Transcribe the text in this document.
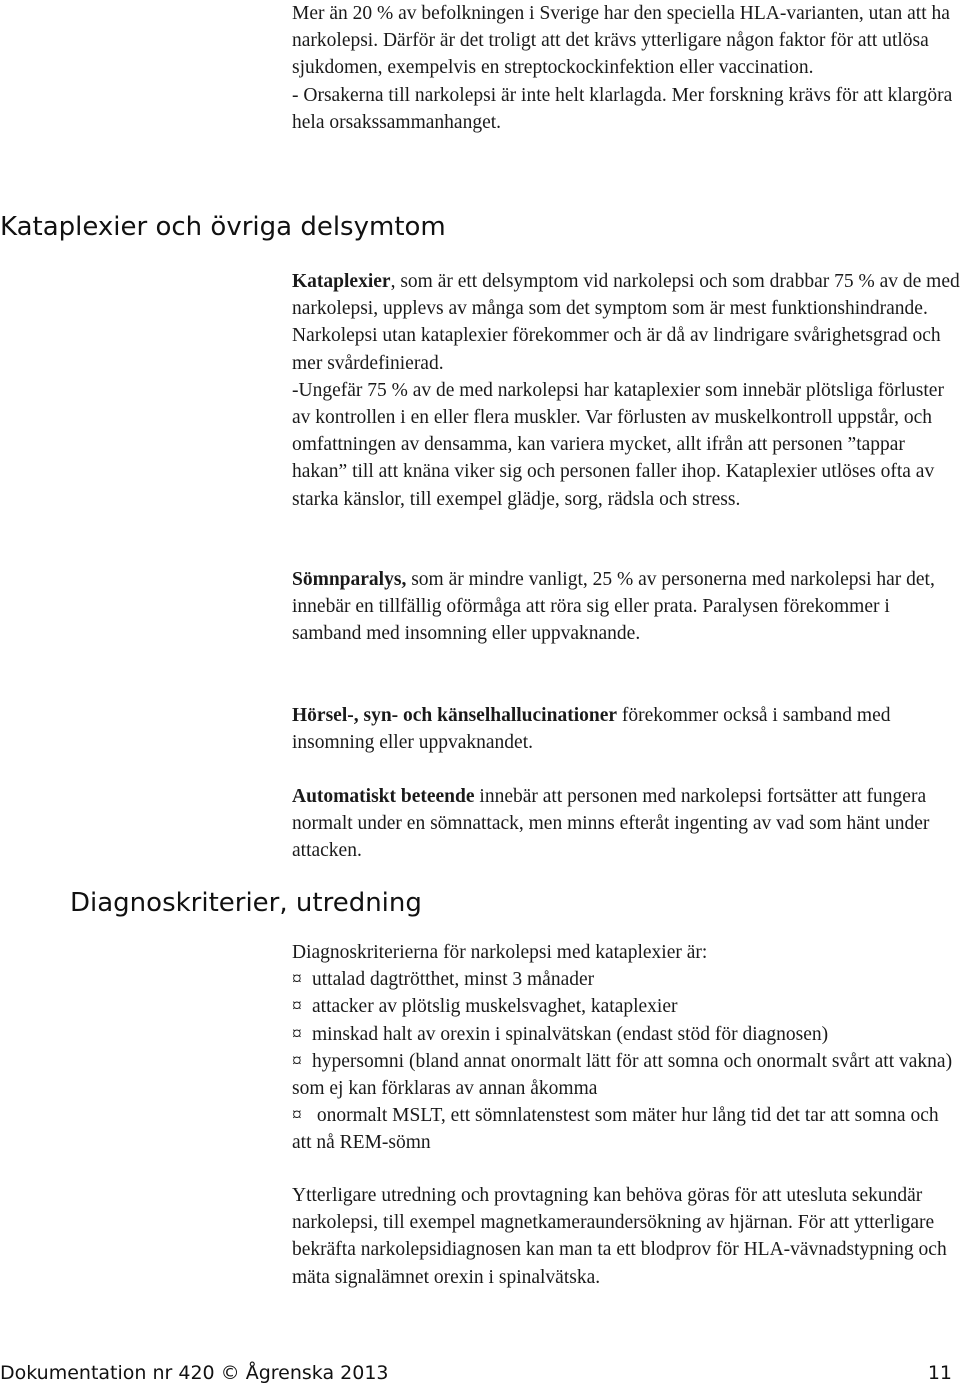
Mer än 20 % av befolkningen i Sverige har den speciella HLA-varianten, utan att ha narkolepsi. Därför är det troligt att det krävs ytterligare någon faktor för att utlösa sjukdomen, exempelvis en streptockockinfektion eller vaccination.

- Orsakerna till narkolepsi är inte helt klarlagda. Mer forskning krävs för att klargöra hela orsakssammanhanget.

Kataplexier och övriga delsymtom

Kataplexier, som är ett delsymptom vid narkolepsi och som drabbar 75 % av de med narkolepsi, upplevs av många som det symptom som är mest funktionshindrande. Narkolepsi utan kataplexier förekommer och är då av lindrigare svårighetsgrad och mer svårdefinierad.

-Ungefär 75 % av de med narkolepsi har kataplexier som innebär plötsliga förluster av kontrollen i en eller flera muskler. Var förlusten av muskelkontroll uppstår, och omfattningen av densamma, kan variera mycket, allt ifrån att personen ”tappar hakan” till att knäna viker sig och personen faller ihop. Kataplexier utlöses ofta av starka känslor, till exempel glädje, sorg, rädsla och stress.

Sömnparalys, som är mindre vanligt, 25 % av personerna med narkolepsi har det, innebär en tillfällig oförmåga att röra sig eller prata. Paralysen förekommer i samband med insomning eller uppvaknande.

Hörsel-, syn- och känselhallucinationer förekommer också i samband med insomning eller uppvaknandet.

Automatiskt beteende innebär att personen med narkolepsi fortsätter att fungera normalt under en sömnattack, men minns efteråt ingenting av vad som hänt under attacken.

Diagnoskriterier, utredning

Diagnoskriterierna för narkolepsi med kataplexier är:

¤ uttalad dagtrötthet, minst 3 månader

¤ attacker av plötslig muskelsvaghet, kataplexier

¤ minskad halt av orexin i spinalvätskan (endast stöd för diagnosen)

¤ hypersomni (bland annat onormalt lätt för att somna och onormalt svårt att vakna) som ej kan förklaras av annan åkomma

¤ onormalt MSLT, ett sömnlatenstest som mäter hur lång tid det tar att somna och att nå REM-sömn

Ytterligare utredning och provtagning kan behöva göras för att utesluta sekundär narkolepsi, till exempel magnetkameraundersökning av hjärnan. För att ytterligare bekräfta narkolepsidiagnosen kan man ta ett blodprov för HLA-vävnadstypning och mäta signalämnet orexin i spinalvätska.

Dokumentation nr 420 © Ågrenska 2013	11
